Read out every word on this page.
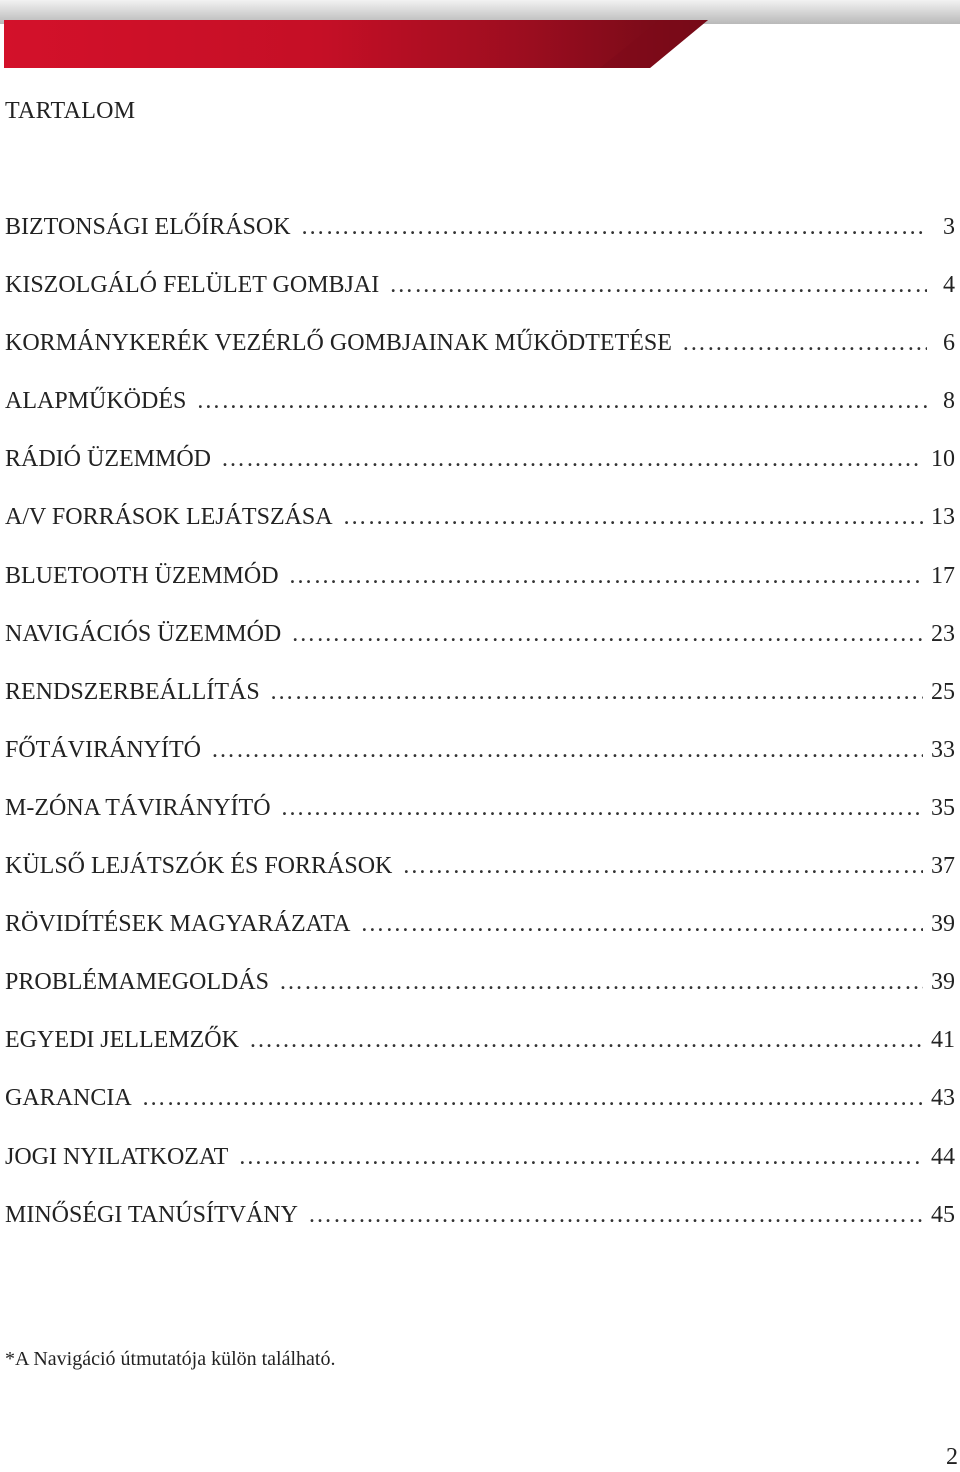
TARTALOM
BIZTONSÁGI ELŐÍRÁSOK …………………………………………………………………………………………………………………………	3
KISZOLGÁLÓ FELÜLET GOMBJAI …………………………………………………………………………………………………………………………	4
KORMÁNYKERÉK VEZÉRLŐ GOMBJAINAK MŰKÖDTETÉSE …………………………………………………………………………………………………………………………	6
ALAPMŰKÖDÉS …………………………………………………………………………………………………………………………	8
RÁDIÓ ÜZEMMÓD …………………………………………………………………………………………………………………………	10
A/V FORRÁSOK LEJÁTSZÁSA …………………………………………………………………………………………………………………………	13
BLUETOOTH ÜZEMMÓD …………………………………………………………………………………………………………………………	17
NAVIGÁCIÓS ÜZEMMÓD …………………………………………………………………………………………………………………………	23
RENDSZERBEÁLLÍTÁS …………………………………………………………………………………………………………………………	25
FŐTÁVIRÁNYÍTÓ …………………………………………………………………………………………………………………………	33
M-ZÓNA TÁVIRÁNYÍTÓ …………………………………………………………………………………………………………………………	35
KÜLSŐ LEJÁTSZÓK ÉS FORRÁSOK …………………………………………………………………………………………………………………………	37
RÖVIDÍTÉSEK MAGYARÁZATA …………………………………………………………………………………………………………………………	39
PROBLÉMAMEGOLDÁS …………………………………………………………………………………………………………………………	39
EGYEDI JELLEMZŐK …………………………………………………………………………………………………………………………	41
GARANCIA …………………………………………………………………………………………………………………………	43
JOGI NYILATKOZAT …………………………………………………………………………………………………………………………	44
MINŐSÉGI TANÚSÍTVÁNY …………………………………………………………………………………………………………………………	45

*A Navigáció útmutatója külön található.

2
